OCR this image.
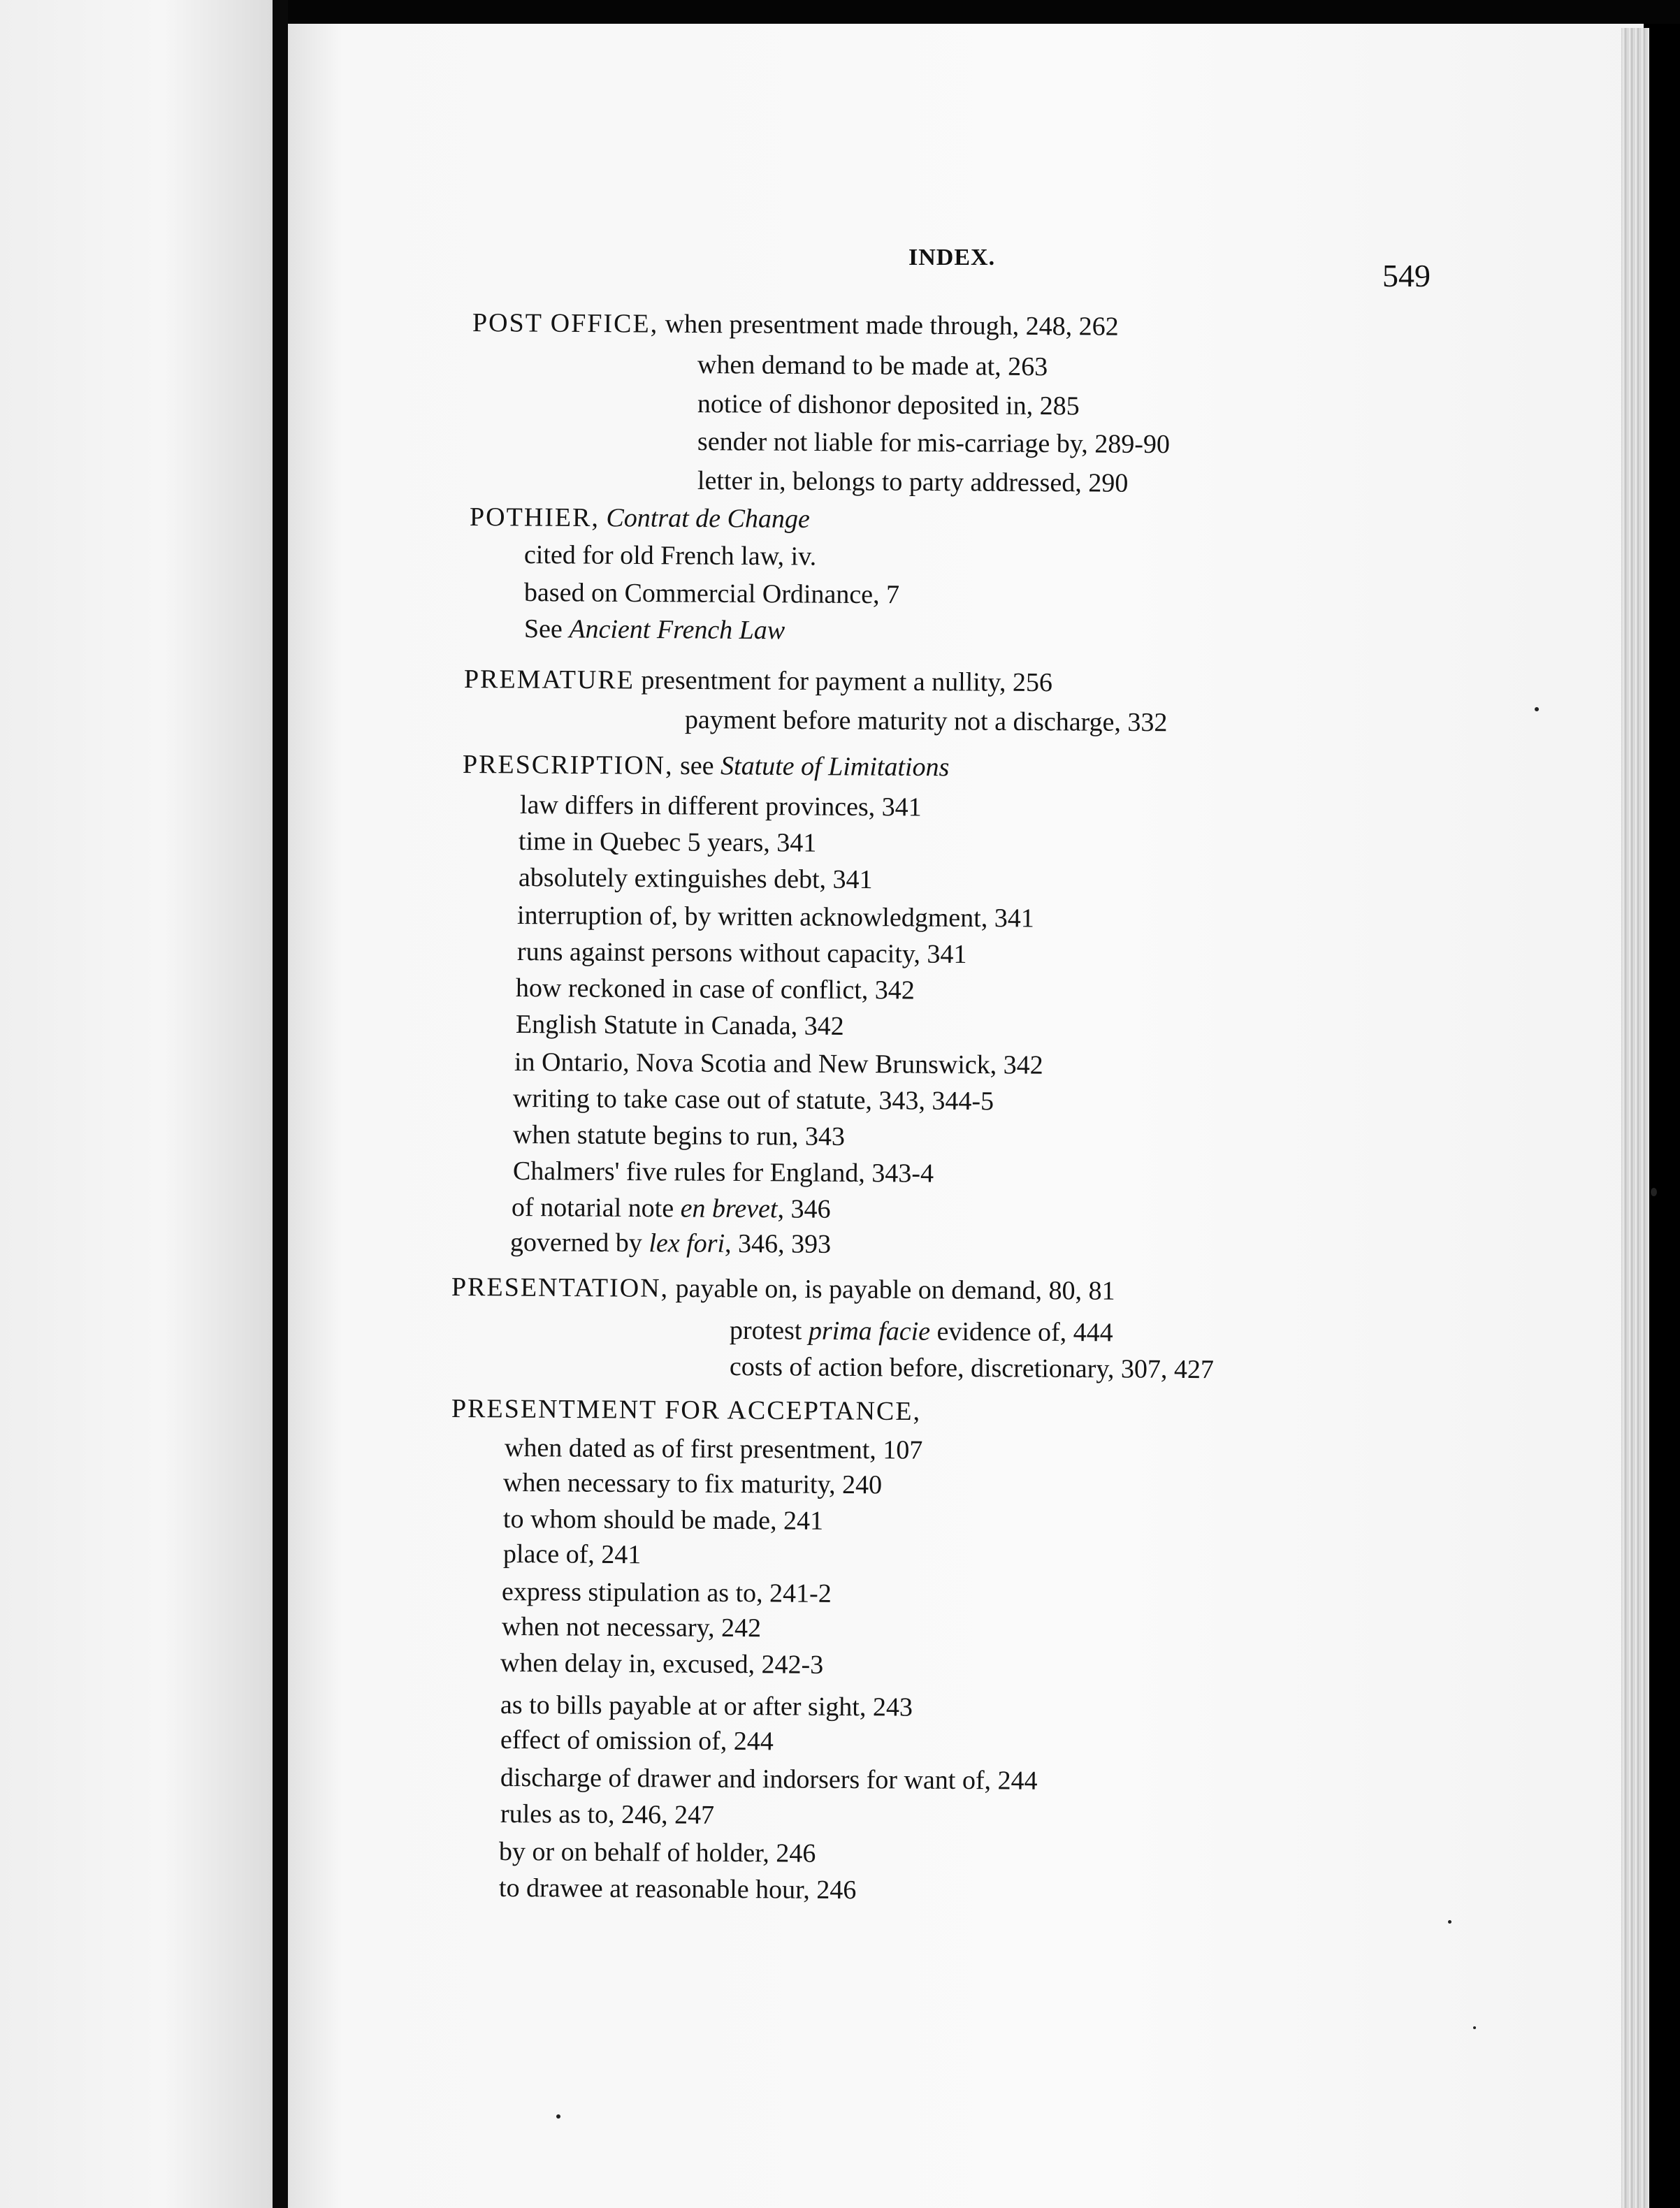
INDEX.
549
POST OFFICE, when presentment made through, 248, 262
when demand to be made at, 263
notice of dishonor deposited in, 285
sender not liable for mis-carriage by, 289-90
letter in, belongs to party addressed, 290
POTHIER, Contrat de Change
cited for old French law, iv.
based on Commercial Ordinance, 7
See Ancient French Law
PREMATURE presentment for payment a nullity, 256
payment before maturity not a discharge, 332
PRESCRIPTION, see Statute of Limitations
law differs in different provinces, 341
time in Quebec 5 years, 341
absolutely extinguishes debt, 341
interruption of, by written acknowledgment, 341
runs against persons without capacity, 341
how reckoned in case of conflict, 342
English Statute in Canada, 342
in Ontario, Nova Scotia and New Brunswick, 342
writing to take case out of statute, 343, 344-5
when statute begins to run, 343
Chalmers' five rules for England, 343-4
of notarial note en brevet, 346
governed by lex fori, 346, 393
PRESENTATION, payable on, is payable on demand, 80, 81
protest prima facie evidence of, 444
costs of action before, discretionary, 307, 427
PRESENTMENT FOR ACCEPTANCE,
when dated as of first presentment, 107
when necessary to fix maturity, 240
to whom should be made, 241
place of, 241
express stipulation as to, 241-2
when not necessary, 242
when delay in, excused, 242-3
as to bills payable at or after sight, 243
effect of omission of, 244
discharge of drawer and indorsers for want of, 244
rules as to, 246, 247
by or on behalf of holder, 246
to drawee at reasonable hour, 246
